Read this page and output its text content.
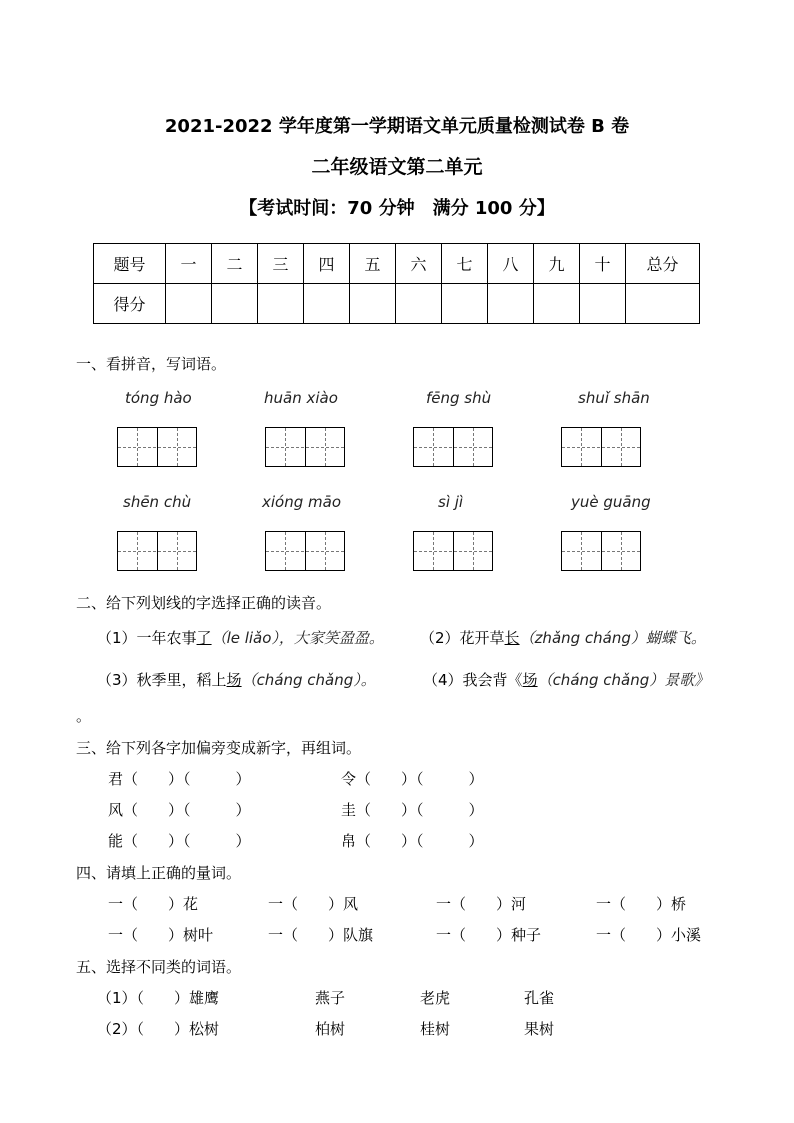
2021-2022 学年度第一学期语文单元质量检测试卷 B 卷
二年级语文第二单元
【考试时间：70 分钟　满分 100 分】
题号	一	二	三	四	五	六	七	八	九	十	总分
得分											
一、看拼音，写词语。
tóng hào	huān xiào	fēng shù	shuǐ shān
shēn chù	xióng māo	sì jì	yuè guāng
二、给下列划线的字选择正确的读音。
（1）一年农事了（le liǎo），大家笑盈盈。 （2）花开草长（zhǎng cháng）蝴蝶飞。
（3）秋季里，稻上场（cháng chǎng）。	（4）我会背《场（cháng chǎng）景歌》
。
三、给下列各字加偏旁变成新字，再组词。
君（　　）（　　　）	令（　　）（　　　）
风（　　）（　　　）	圭（　　）（　　　）
能（　　）（　　　）	帛（　　）（　　　）
四、请填上正确的量词。
一（　　）花	一（　　）风	一（　　）河	一（　　）桥
一（　　）树叶	一（　　）队旗	一（　　）种子	一（　　）小溪
五、选择不同类的词语。
（1）（　　）雄鹰	燕子	老虎	孔雀
（2）（　　）松树	柏树	桂树	果树
